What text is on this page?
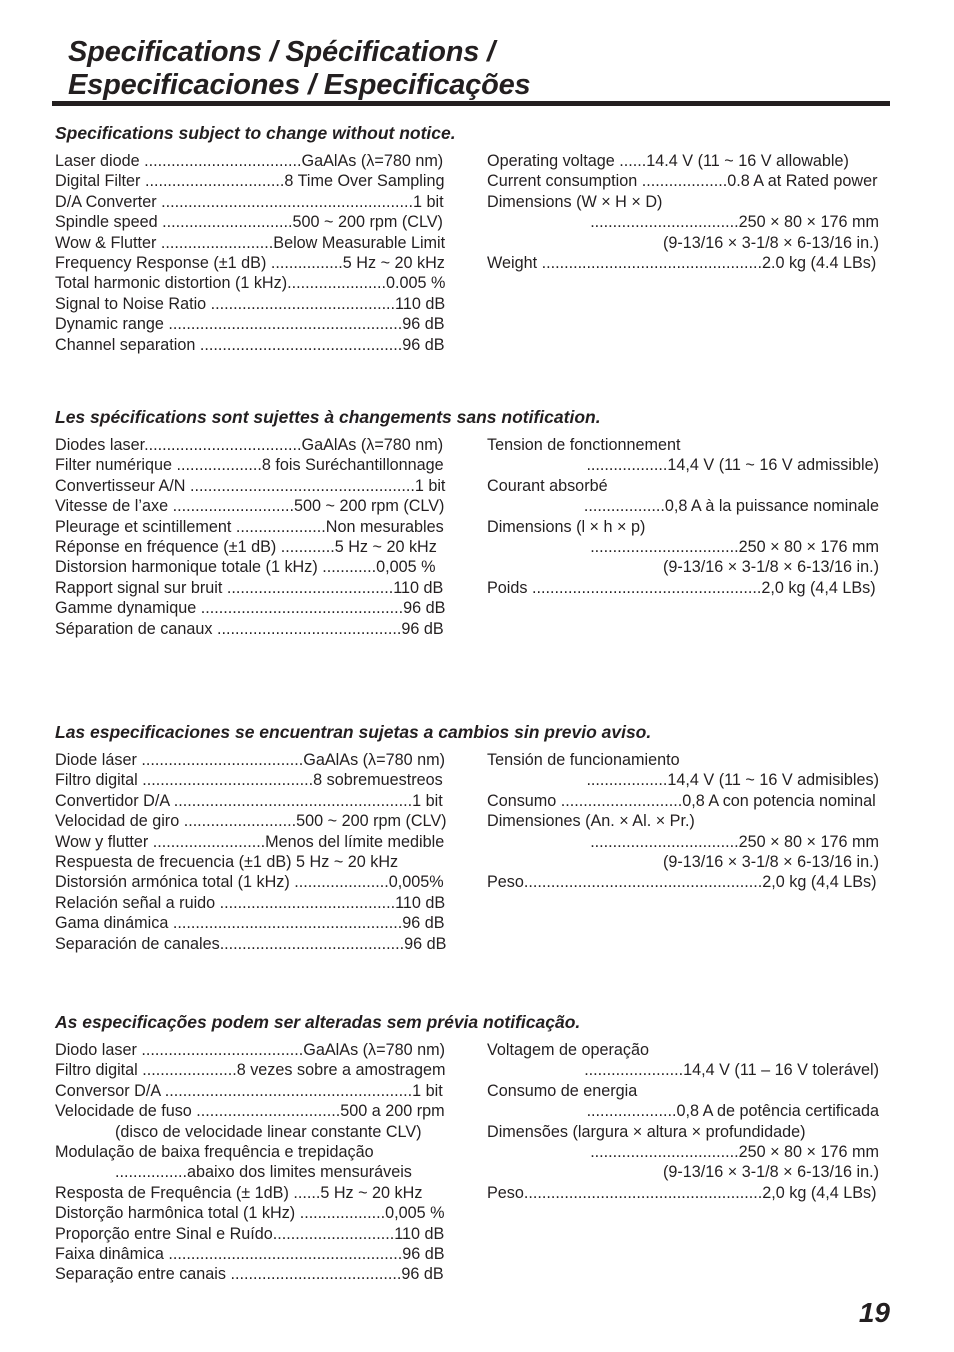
Specifications / Spécifications /
Especificaciones / Especificações

Specifications subject to change without notice.

Laser diode ...................................GaAlAs (λ=780 nm)
Digital Filter ...............................8 Time Over Sampling
D/A Converter ........................................................1 bit
Spindle speed .............................500 ~ 200 rpm (CLV)
Wow & Flutter .........................Below Measurable Limit
Frequency Response (±1 dB) ................5 Hz ~ 20 kHz
Total harmonic distortion (1 kHz)......................0.005 %
Signal to Noise Ratio .........................................110 dB
Dynamic range ....................................................96 dB
Channel separation .............................................96 dB
Operating voltage ......14.4 V (11 ~ 16 V allowable)
Current consumption ...................0.8 A at Rated power
Dimensions (W × H × D)
.................................250 × 80 × 176 mm
(9-13/16 × 3-1/8 × 6-13/16 in.)
Weight .................................................2.0 kg (4.4 LBs)

Les spécifications sont sujettes à changements sans notification.

Diodes laser...................................GaAlAs (λ=780 nm)
Filter numérique ...................8 fois Suréchantillonnage
Convertisseur A/N ..................................................1 bit
Vitesse de l’axe ...........................500 ~ 200 rpm (CLV)
Pleurage et scintillement ....................Non mesurables
Réponse en fréquence (±1 dB) ............5 Hz ~ 20 kHz
Distorsion harmonique totale (1 kHz) ............0,005 %
Rapport signal sur bruit .....................................110 dB
Gamme dynamique .............................................96 dB
Séparation de canaux .........................................96 dB
Tension de fonctionnement
..................14,4 V (11 ~ 16 V admissible)
Courant absorbé
..................0,8 A à la puissance nominale
Dimensions (l × h × p)
.................................250 × 80 × 176 mm
(9-13/16 × 3-1/8 × 6-13/16 in.)
Poids ...................................................2,0 kg (4,4 LBs)

Las especificaciones se encuentran sujetas a cambios sin previo aviso.

Diode láser ....................................GaAlAs (λ=780 nm)
Filtro digital ......................................8 sobremuestreos
Convertidor D/A .....................................................1 bit
Velocidad de giro .........................500 ~ 200 rpm (CLV)
Wow y flutter .........................Menos del límite medible
Respuesta de frecuencia (±1 dB) 5 Hz ~ 20 kHz
Distorsión armónica total (1 kHz) .....................0,005%
Relación señal a ruido .......................................110 dB
Gama dinámica ...................................................96 dB
Separación de canales.........................................96 dB
Tensión de funcionamiento
..................14,4 V (11 ~ 16 V admisibles)
Consumo ...........................0,8 A con potencia nominal
Dimensiones (An. × Al. × Pr.)
.................................250 × 80 × 176 mm
(9-13/16 × 3-1/8 × 6-13/16 in.)
Peso.....................................................2,0 kg (4,4 LBs)

As especificações podem ser alteradas sem prévia notificação.

Diodo laser ....................................GaAlAs (λ=780 nm)
Filtro digital .....................8 vezes sobre a amostragem
Conversor D/A .......................................................1 bit
Velocidade de fuso ................................500 a 200 rpm
(disco de velocidade linear constante CLV)
Modulação de baixa frequência e trepidação
................abaixo dos limites mensuráveis
Resposta de Frequência (± 1dB) ......5 Hz ~ 20 kHz
Distorção harmônica total (1 kHz) ...................0,005 %
Proporção entre Sinal e Ruído...........................110 dB
Faixa dinâmica ....................................................96 dB
Separação entre canais ......................................96 dB
Voltagem de operação
......................14,4 V (11 – 16 V tolerável)
Consumo de energia
....................0,8 A de potência certificada
Dimensões (largura × altura × profundidade)
.................................250 × 80 × 176 mm
(9-13/16 × 3-1/8 × 6-13/16 in.)
Peso.....................................................2,0 kg (4,4 LBs)
19
